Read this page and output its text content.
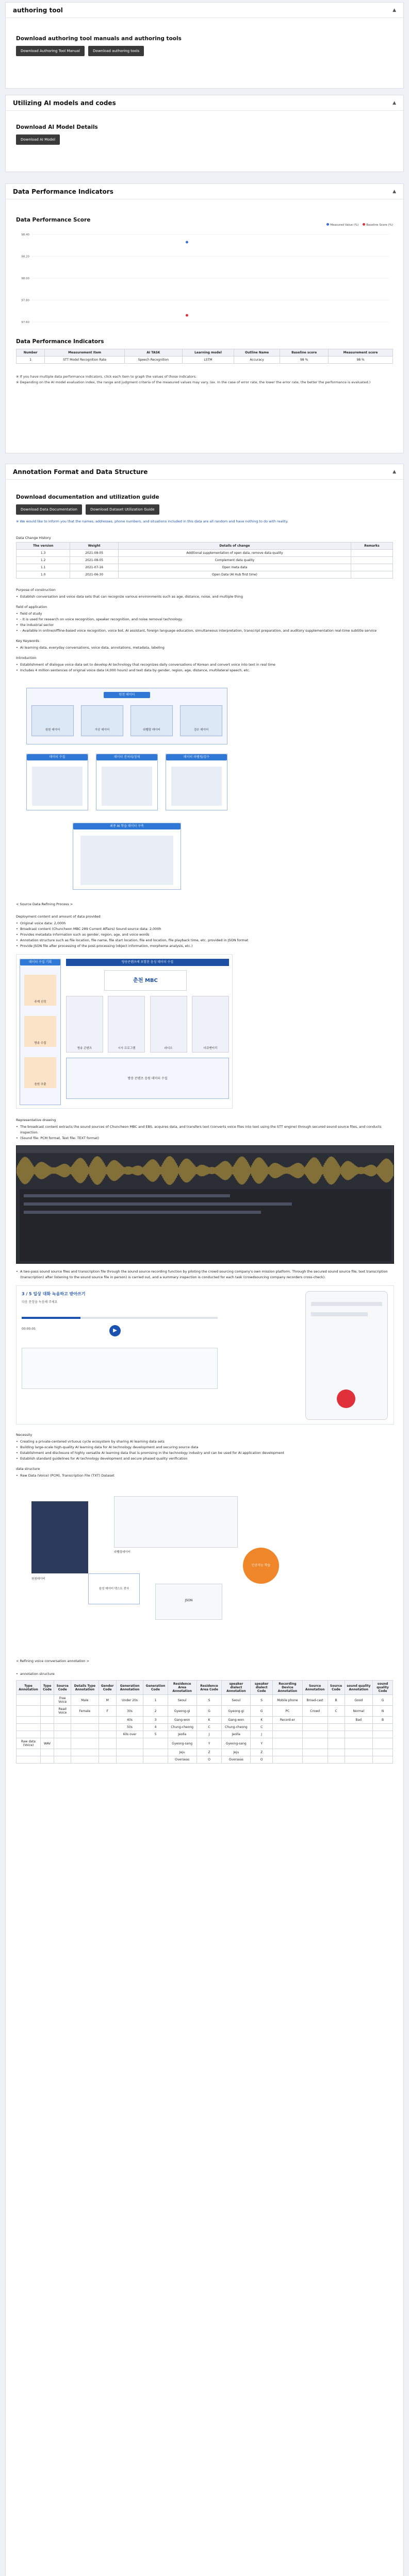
authoring tool	▲
Download authoring tool manuals and authoring tools
Download Authoring Tool Manual	Download authoring tools
Utilizing AI models and codes	▲
Download AI Model Details
Download AI Model
Data Performance Indicators	▲
Data Performance Score
Measured Value (%)	Baseline Score (%)
98.40
98.20
98.00
97.80
97.60
Data Performance Indicators
Number	Measurement Item	AI TASK	Learning model	Outline Name	Baseline score	Measurement score
1	STT Model Recognition Rate	Speech Recognition	LSTM	Accuracy	98 %	98 %
※ If you have multiple data performance indicators, click each item to graph the values of those indicators.
※ Depending on the AI model evaluation index, the range and judgment criteria of the measured values may vary. (ex. In the case of error rate, the lower the error rate, the better the performance is evaluated.)
Annotation Format and Data Structure	▲
Download documentation and utilization guide
Download Data Documentation	Download Dataset Utilization Guide
※ We would like to inform you that the names, addresses, phone numbers, and situations included in this data are all random and have nothing to do with reality.
Data Change History
The version	Weight	Details of change	Remarks
1.3	2021-08-05	Additional supplementation of open data, remove data quality	
1.2	2021-08-05	Complement data quality	
1.1	2021-07-16	Open meta data	
1.0	2021-06-30	Open Data (AI Hub first time)	
Purpose of construction
• Establish conversation and voice data sets that can recognize various environments such as age, distance, noise, and multiple thing
field of application
• field of study
• - It is used for research on voice recognition, speaker recognition, and noise removal technology.
• the industrial sector
• - Available in online/offline-based voice recognition, voice bot, AI assistant, foreign language education, simultaneous interpretation, transcript preparation, and auditory supplementation real-time subtitle service
Key Keywords
• AI learning data, everyday conversations, voice data, annotations, metadata, labeling
Introduction
• Establishment of dialogue voice data set to develop AI technology that recognizes daily conversations of Korean and convert voice into text in real time
• Includes 4 million sentences of original voice data (4,000 hours) and text data by gender, region, age, distance, multilateral speech, etc.
원천 데이터
원천 데이터	가공 데이터	라벨링 데이터	검수 데이터
데이터 수집	데이터 전처리/정제	데이터 라벨링/검수
최종 AI 학습 데이터 구축
< Source Data Refining Process >
Deployment content and amount of data provided
• Original voice data: 2,000h
• Broadcast content (Chuncheon MBC 289 Current Affairs) Sound source data: 2,000h
• Provides metadata information such as gender, region, age, and voice words
• Annotation structure such as file location, file name, file start location, file end location, file playback time, etc. provided in JSON format
• Provide JSON file after processing of the post-processing (object information, morpheme analysis, etc.)
데이터 수집 기획
주제 선정
방송 수집
음원 추출
방송콘텐츠에 포함된 음성 데이터 수집
춘천 MBC
방송 콘텐츠	시사 프로그램	라디오	다큐멘터리
방송 콘텐츠 음원 데이터 수집
Representative drawing
• The broadcast content extracts the sound sources of Chuncheon MBC and EBS, acquires data, and transfers text (converts voice files into text using the STT engine) through secured sound source files, and conducts inspection.
• (Sound file: PCM format, Text file: TEXT format)
• A two-pass sound source files and transcription file through the sound source recording function by piloting the crowd sourcing company's own mission platform. Through the secured sound source file, text transcription (transcription) after listening to the sound source file in person) is carried out, and a summary inspection is conducted for each task (crowdsourcing company recorders cross-check).
3 / 5 일상 대화 녹음하고 받아쓰기
다음 문장을 녹음해 주세요
▶
00:00:05
Necessity
• Creating a private-centered virtuous cycle ecosystem by sharing AI learning data sets
• Building large-scale high-quality AI learning data for AI technology development and securing source data
• Establishment and disclosure of highly versatile AI learning data that is promising in the technology industry and can be used for AI application development
• Establish standard guidelines for AI technology development and secure phased quality verification
data structure
• Raw Data (Voice) (PCM), Transcription File (TXT) Dataset
원천데이터
라벨링데이터
음성 데이터 텍스트 전사
JSON
인공지능 학습
< Refining voice conversation annotation >
• annotation structure
Type Annotation	Type Code	Source Code	Details Type Annotation	Gender Code	Generation Annotation	Generation Code	Residence Area Annotation	Residence Area Code	speaker dialect Annotation	speaker dialect Code	Recording Device Annotation	Source Annotation	Source Code	sound quality Annotation	sound quality Code
		Free Voice	Male	M	Under 20s	1	Seoul	S	Seoul	S	Mobile phone	Broad-cast	B	Good	G
		Read Voice	Female	F	30s	2	Gyeong-gi	G	Gyeong-gi	G	PC	Crowd	C	Normal	N
					40s	3	Gang-won	K	Gang-won	K	Record-er			Bad	B
					50s	4	Chung-cheong	C	Chung-cheong	C					
					60s over	5	Jeolla	J	Jeolla	J					
Raw data (Voice)	WAV						Gyeong-sang	Y	Gyeong-sang	Y					
							Jeju	Z	Jeju	Z					
							Overseas	O	Overseas	O					
